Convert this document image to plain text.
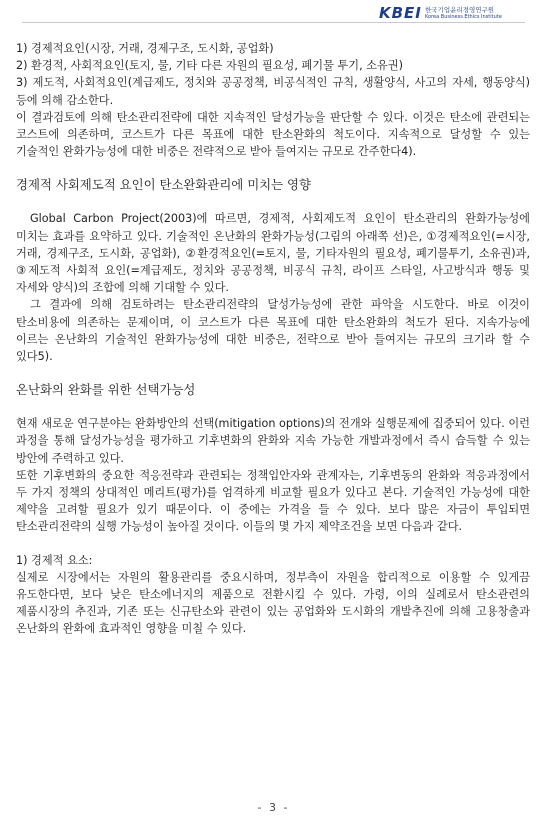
KBEI 한국기업윤리경영연구원
Korea Business Ethics Institute

1) 경제적요인(시장, 거래, 경제구조, 도시화, 공업화)

2) 환경적, 사회적요인(토지, 물, 기타 다른 자원의 필요성, 폐기물 투기, 소유권)

3) 제도적, 사회적요인(계급제도, 정치와 공공정책, 비공식적인 규칙, 생활양식, 사고의 자세, 행동양식) 등에 의해 감소한다.

이 결과검토에 의해 탄소관리전략에 대한 지속적인 달성가능을 판단할 수 있다. 이것은 탄소에 관련되는 코스트에 의존하며, 코스트가 다른 목표에 대한 탄소완화의 척도이다. 지속적으로 달성할 수 있는 기술적인 완화가능성에 대한 비중은 전략적으로 받아 들여지는 규모로 간주한다4).

경제적 사회제도적 요인이 탄소완화관리에 미치는 영향

Global Carbon Project(2003)에 따르면, 경제적, 사회제도적 요인이 탄소관리의 완화가능성에 미치는 효과를 요약하고 있다. 기술적인 온난화의 완화가능성(그림의 아래쪽 선)은, ①경제적요인(=시장, 거래, 경제구조, 도시화, 공업화), ②환경적요인(=토지, 물, 기타자원의 필요성, 폐기물투기, 소유권)과, ③제도적 사회적 요인(=계급제도, 정치와 공공정책, 비공식 규칙, 라이프 스타일, 사고방식과 행동 및 자세와 양식)의 조합에 의해 기대할 수 있다.

그 결과에 의해 검토하려는 탄소관리전략의 달성가능성에 관한 파악을 시도한다. 바로 이것이 탄소비용에 의존하는 문제이며, 이 코스트가 다른 목표에 대한 탄소완화의 척도가 된다. 지속가능에 이르는 온난화의 기술적인 완화가능성에 대한 비중은, 전략으로 받아 들여지는 규모의 크기라 할 수 있다5).

온난화의 완화를 위한 선택가능성

현재 새로운 연구분야는 완화방안의 선택(mitigation options)의 전개와 실행문제에 집중되어 있다. 이런 과정을 통해 달성가능성을 평가하고 기후변화의 완화와 지속 가능한 개발과정에서 즉시 습득할 수 있는 방안에 주력하고 있다.

또한 기후변화의 중요한 적응전략과 관련되는 정책입안자와 관계자는, 기후변동의 완화와 적응과정에서 두 가지 정책의 상대적인 메리트(평가)를 엄격하게 비교할 필요가 있다고 본다. 기술적인 가능성에 대한 제약을 고려할 필요가 있기 때문이다. 이 중에는 가격을 들 수 있다. 보다 많은 자금이 투입되면 탄소관리전략의 실행 가능성이 높아질 것이다. 이들의 몇 가지 제약조건을 보면 다음과 같다.

1) 경제적 요소:

실제로 시장에서는 자원의 활용관리를 중요시하며, 정부측이 자원을 합리적으로 이용할 수 있게끔 유도한다면, 보다 낮은 탄소에너지의 제품으로 전환시킬 수 있다. 가령, 이의 실례로서 탄소관련의 제품시장의 추진과, 기존 또는 신규탄소와 관련이 있는 공업화와 도시화의 개발추진에 의해 고용창출과 온난화의 완화에 효과적인 영향을 미칠 수 있다.

- 3 -
